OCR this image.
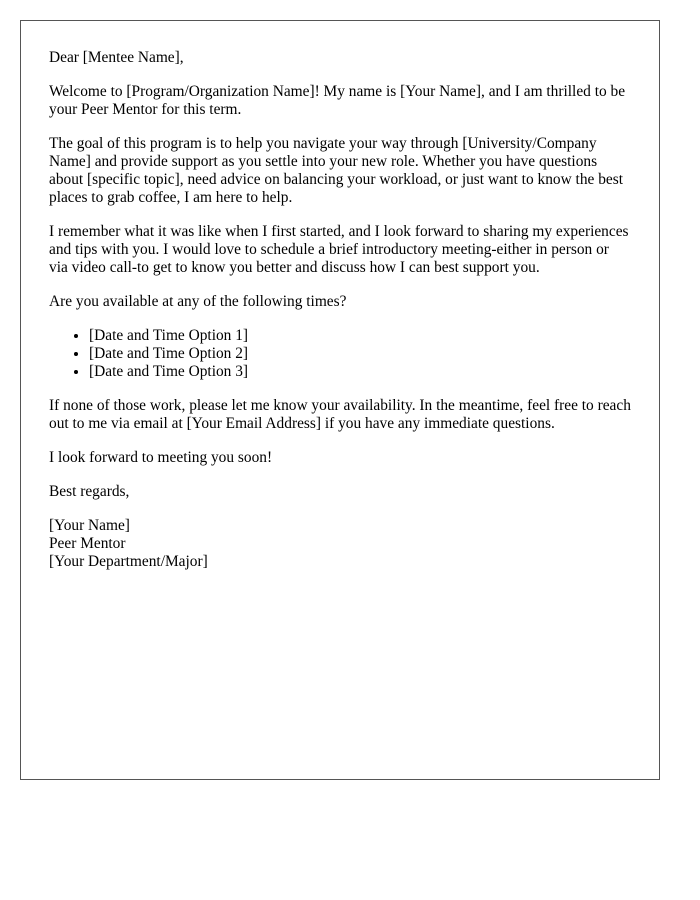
Dear [Mentee Name],

Welcome to [Program/Organization Name]! My name is [Your Name], and I am thrilled to be your Peer Mentor for this term.

The goal of this program is to help you navigate your way through [University/Company Name] and provide support as you settle into your new role. Whether you have questions about [specific topic], need advice on balancing your workload, or just want to know the best places to grab coffee, I am here to help.

I remember what it was like when I first started, and I look forward to sharing my experiences and tips with you. I would love to schedule a brief introductory meeting-either in person or via video call-to get to know you better and discuss how I can best support you.

Are you available at any of the following times?

• [Date and Time Option 1]
• [Date and Time Option 2]
• [Date and Time Option 3]

If none of those work, please let me know your availability. In the meantime, feel free to reach out to me via email at [Your Email Address] if you have any immediate questions.

I look forward to meeting you soon!

Best regards,

[Your Name]
Peer Mentor
[Your Department/Major]
